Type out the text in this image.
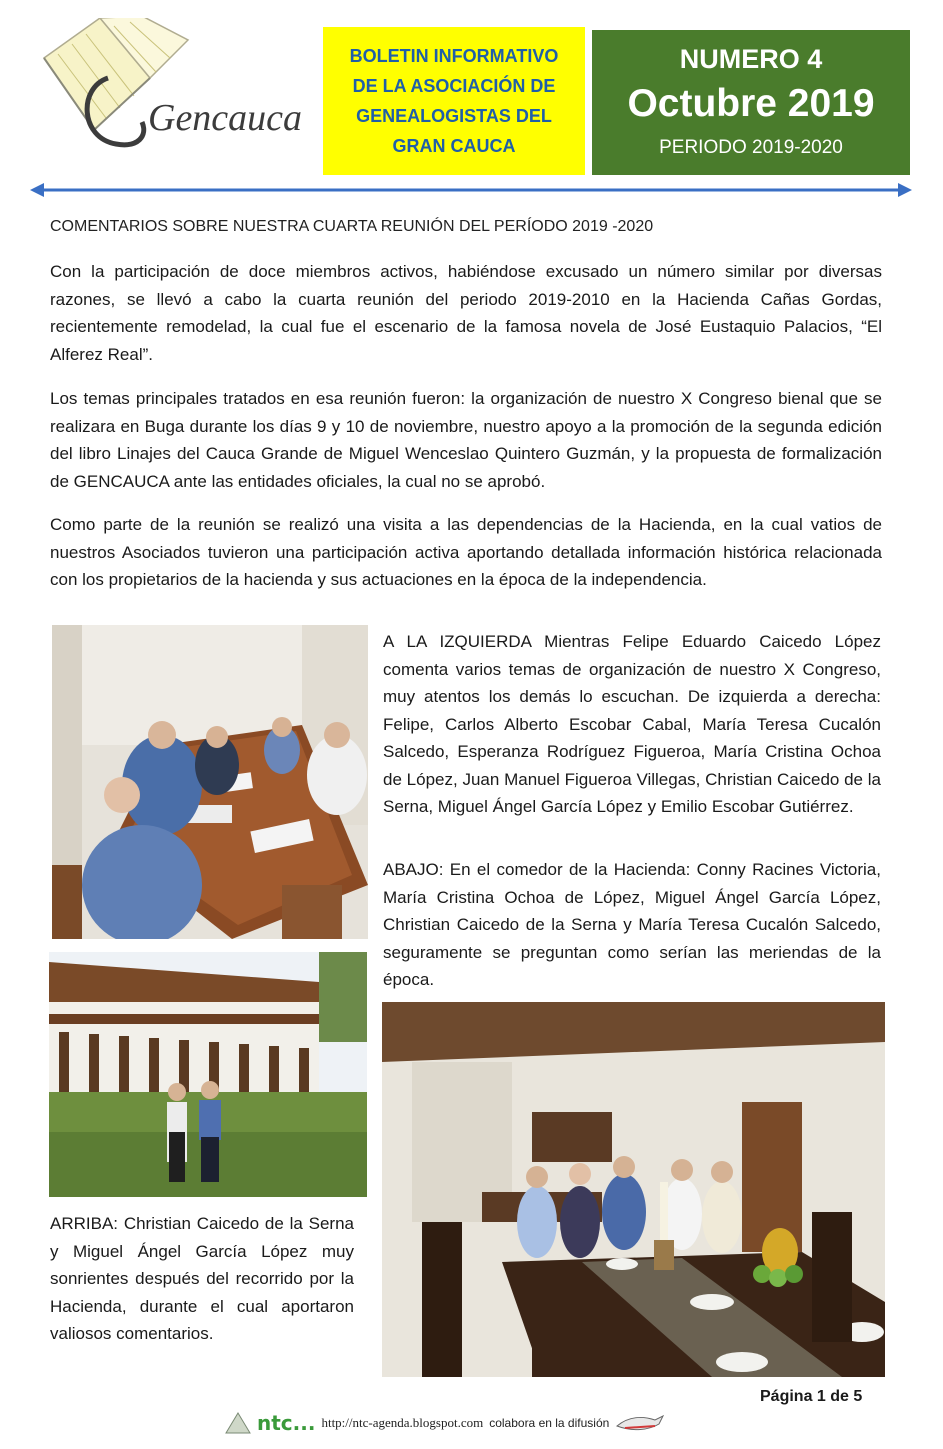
Gencauca
BOLETIN INFORMATIVO
DE LA ASOCIACIÓN DE
GENEALOGISTAS DEL
GRAN CAUCA
NUMERO 4
Octubre 2019
PERIODO 2019-2020
COMENTARIOS SOBRE NUESTRA CUARTA REUNIÓN DEL PERÍODO 2019 -2020
Con la participación de doce miembros activos, habiéndose excusado un número similar por diversas razones, se llevó a cabo la cuarta reunión del periodo 2019-2010 en la Hacienda Cañas Gordas, recientemente remodelad, la cual fue el escenario de la famosa novela de José Eustaquio Palacios, “El Alferez Real”.
Los temas principales tratados en esa reunión fueron: la organización de nuestro X Congreso bienal que se realizara en Buga durante los días 9 y 10 de noviembre, nuestro apoyo a la promoción de la segunda edición del libro Linajes del Cauca Grande de Miguel Wenceslao Quintero Guzmán, y la propuesta de formalización de GENCAUCA ante las entidades oficiales, la cual no se aprobó.
Como parte de la reunión se realizó una visita a las dependencias de la Hacienda, en la cual vatios de nuestros Asociados tuvieron una participación activa aportando detallada información histórica relacionada con los propietarios de la hacienda y sus actuaciones en la época de la independencia.
A LA IZQUIERDA Mientras Felipe Eduardo Caicedo López comenta varios temas de organización de nuestro X Congreso, muy atentos los demás lo escuchan. De izquierda a derecha: Felipe, Carlos Alberto Escobar Cabal, María Teresa Cucalón Salcedo, Esperanza Rodríguez Figueroa, María Cristina Ochoa de López, Juan Manuel Figueroa Villegas, Christian Caicedo de la Serna, Miguel Ángel García López y Emilio Escobar Gutiérrez.
ABAJO: En el comedor de la Hacienda: Conny Racines Victoria, María Cristina Ochoa de López, Miguel Ángel García López, Christian Caicedo de la Serna y María Teresa Cucalón Salcedo, seguramente se preguntan como serían las meriendas de la época.
ARRIBA: Christian Caicedo de la Serna y Miguel Ángel García López muy sonrientes después del recorrido por la Hacienda, durante el cual aportaron valiosos comentarios.
Página 1 de 5
ntc... http://ntc-agenda.blogspot.com colabora en la difusión
